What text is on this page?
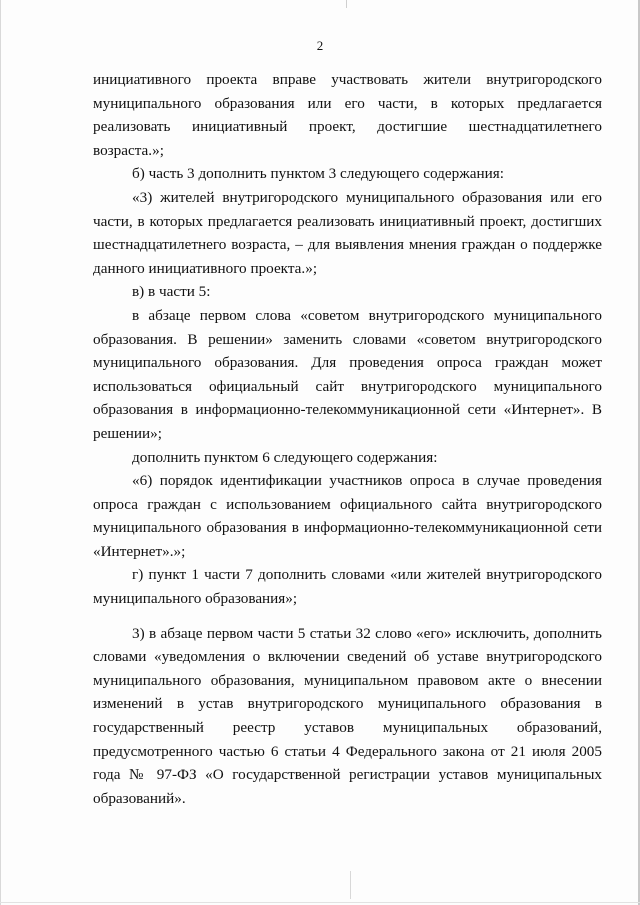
2

инициативного проекта вправе участвовать жители внутригородского муниципального образования или его части, в которых предлагается реализовать инициативный проект, достигшие шестнадцатилетнего возраста.»;

б) часть 3 дополнить пунктом 3 следующего содержания:

«3) жителей внутригородского муниципального образования или его части, в которых предлагается реализовать инициативный проект, достигших шестнадцатилетнего возраста, – для выявления мнения граждан о поддержке данного инициативного проекта.»;

в) в части 5:

в абзаце первом слова «советом внутригородского муниципального образования. В решении» заменить словами «советом внутригородского муниципального образования. Для проведения опроса граждан может использоваться официальный сайт внутригородского муниципального образования в информационно-телекоммуникационной сети «Интернет». В решении»;

дополнить пунктом 6 следующего содержания:

«6) порядок идентификации участников опроса в случае проведения опроса граждан с использованием официального сайта внутригородского муниципального образования в информационно-телекоммуникационной сети «Интернет».»;

г) пункт 1 части 7 дополнить словами «или жителей внутригородского муниципального образования»;

3) в абзаце первом части 5 статьи 32 слово «его» исключить, дополнить словами «уведомления о включении сведений об уставе внутригородского муниципального образования, муниципальном правовом акте о внесении изменений в устав внутригородского муниципального образования в государственный реестр уставов муниципальных образований, предусмотренного частью 6 статьи 4 Федерального закона от 21 июля 2005 года № 97-ФЗ «О государственной регистрации уставов муниципальных образований».
